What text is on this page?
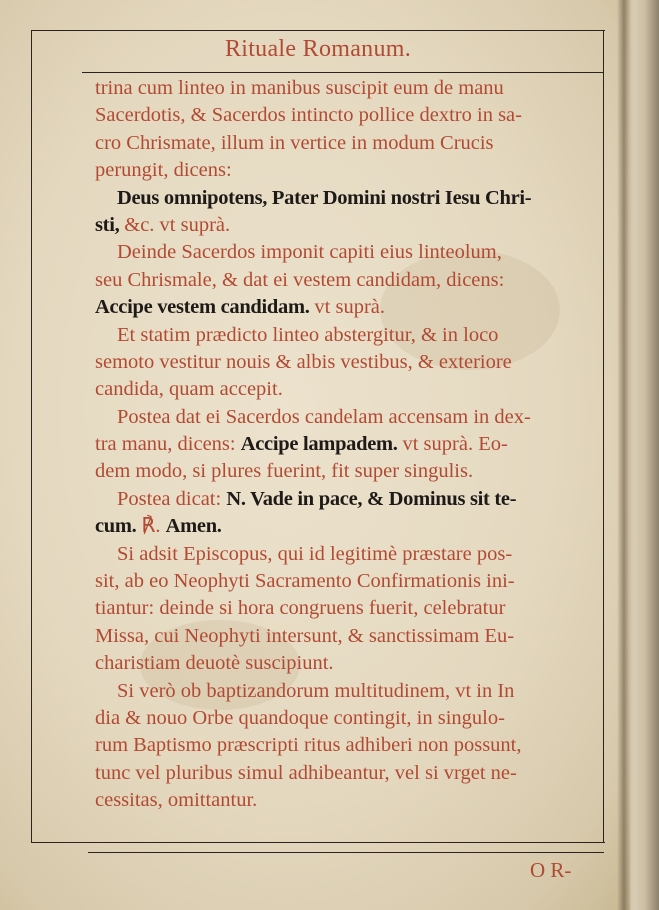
Rituale Romanum.
trina cum linteo in manibus suscipit eum de manu
Sacerdotis, & Sacerdos intincto pollice dextro in sa-
cro Chrismate, illum in vertice in modum Crucis
perungit, dicens:
Deus omnipotens, Pater Domini nostri Iesu Chri-
sti, &c. vt suprà.
Deinde Sacerdos imponit capiti eius linteolum,
seu Chrismale, & dat ei vestem candidam, dicens:
Accipe vestem candidam. vt suprà.
Et statim prædicto linteo abstergitur, & in loco
semoto vestitur nouis & albis vestibus, & exteriore
candida, quam accepit.
Postea dat ei Sacerdos candelam accensam in dex-
tra manu, dicens: Accipe lampadem. vt suprà. Eo-
dem modo, si plures fuerint, fit super singulis.
Postea dicat: N. Vade in pace, & Dominus sit te-
cum. ℟. Amen.
Si adsit Episcopus, qui id legitimè præstare pos-
sit, ab eo Neophyti Sacramento Confirmationis ini-
tiantur: deinde si hora congruens fuerit, celebratur
Missa, cui Neophyti intersunt, & sanctissimam Eu-
charistiam deuotè suscipiunt.
Si verò ob baptizandorum multitudinem, vt in In
dia & nouo Orbe quandoque contingit, in singulo-
rum Baptismo præscripti ritus adhiberi non possunt,
tunc vel pluribus simul adhibeantur, vel si vrget ne-
cessitas, omittantur.
O R-
